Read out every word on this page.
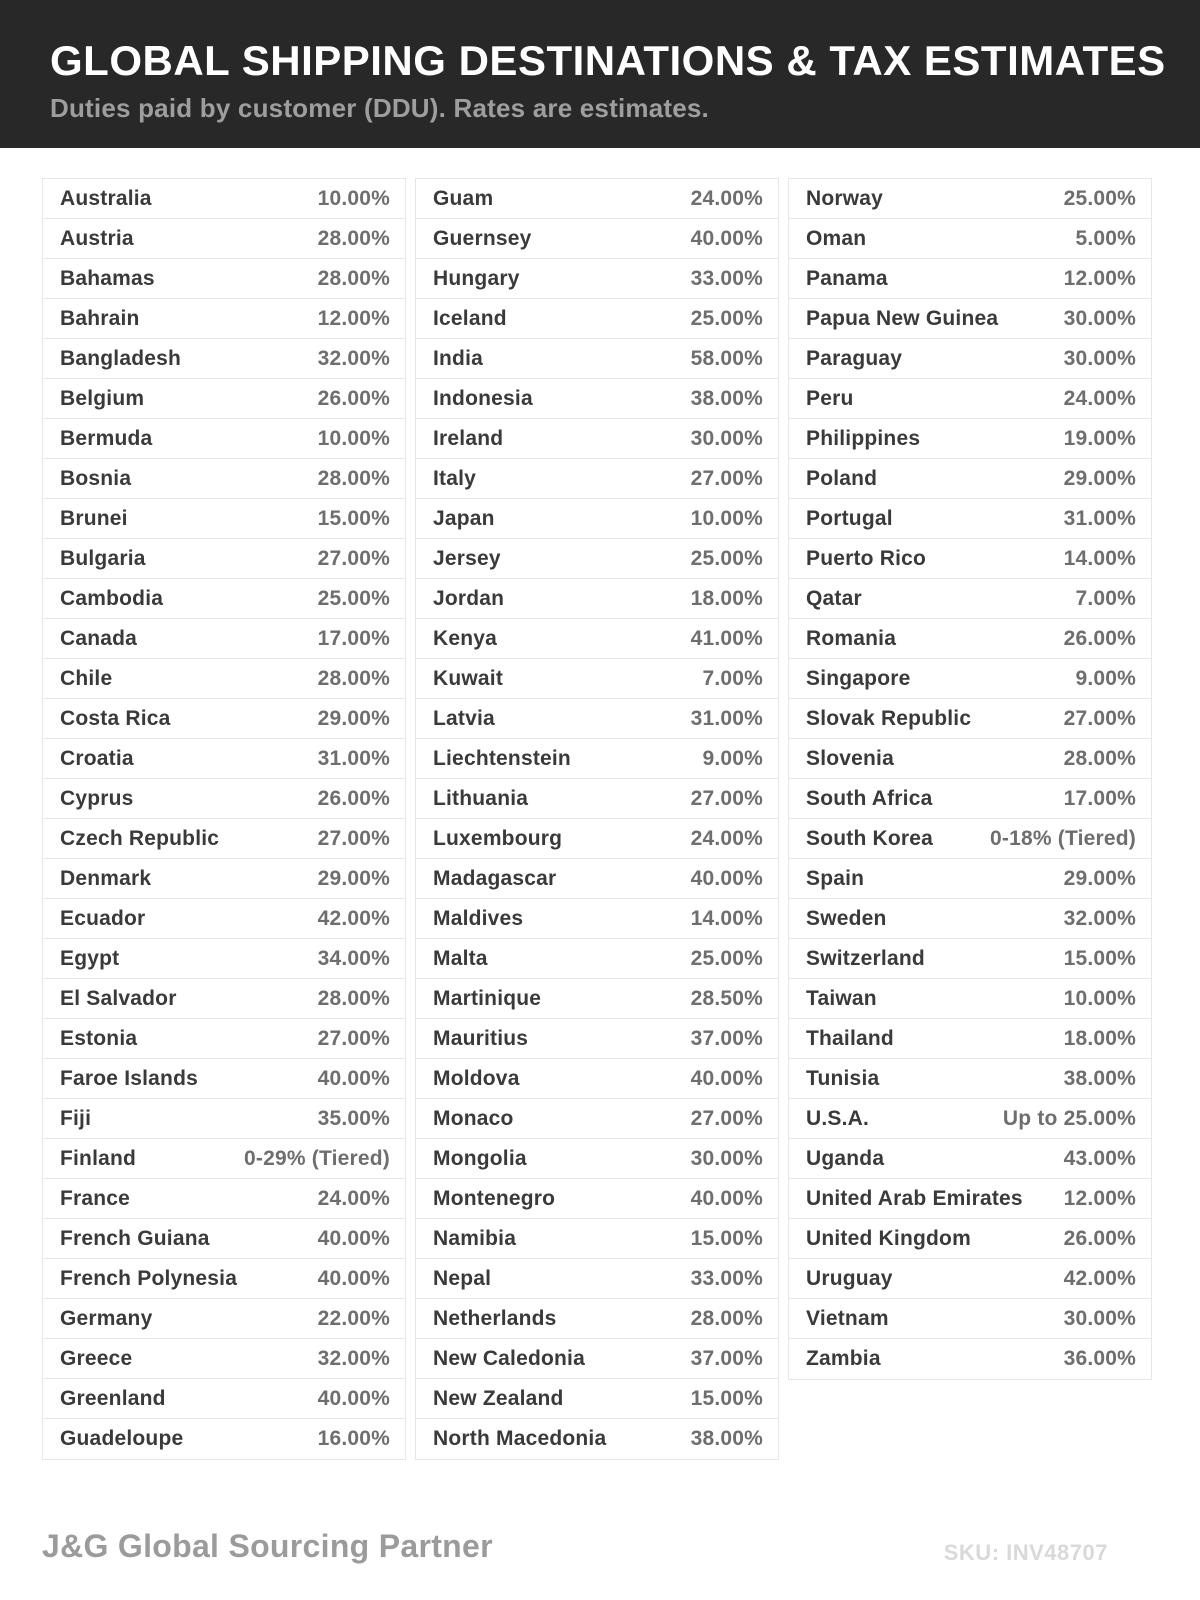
GLOBAL SHIPPING DESTINATIONS & TAX ESTIMATES
Duties paid by customer (DDU). Rates are estimates.
Australia	10.00%
Austria	28.00%
Bahamas	28.00%
Bahrain	12.00%
Bangladesh	32.00%
Belgium	26.00%
Bermuda	10.00%
Bosnia	28.00%
Brunei	15.00%
Bulgaria	27.00%
Cambodia	25.00%
Canada	17.00%
Chile	28.00%
Costa Rica	29.00%
Croatia	31.00%
Cyprus	26.00%
Czech Republic	27.00%
Denmark	29.00%
Ecuador	42.00%
Egypt	34.00%
El Salvador	28.00%
Estonia	27.00%
Faroe Islands	40.00%
Fiji	35.00%
Finland	0-29% (Tiered)
France	24.00%
French Guiana	40.00%
French Polynesia	40.00%
Germany	22.00%
Greece	32.00%
Greenland	40.00%
Guadeloupe	16.00%
Guam	24.00%
Guernsey	40.00%
Hungary	33.00%
Iceland	25.00%
India	58.00%
Indonesia	38.00%
Ireland	30.00%
Italy	27.00%
Japan	10.00%
Jersey	25.00%
Jordan	18.00%
Kenya	41.00%
Kuwait	7.00%
Latvia	31.00%
Liechtenstein	9.00%
Lithuania	27.00%
Luxembourg	24.00%
Madagascar	40.00%
Maldives	14.00%
Malta	25.00%
Martinique	28.50%
Mauritius	37.00%
Moldova	40.00%
Monaco	27.00%
Mongolia	30.00%
Montenegro	40.00%
Namibia	15.00%
Nepal	33.00%
Netherlands	28.00%
New Caledonia	37.00%
New Zealand	15.00%
North Macedonia	38.00%
Norway	25.00%
Oman	5.00%
Panama	12.00%
Papua New Guinea	30.00%
Paraguay	30.00%
Peru	24.00%
Philippines	19.00%
Poland	29.00%
Portugal	31.00%
Puerto Rico	14.00%
Qatar	7.00%
Romania	26.00%
Singapore	9.00%
Slovak Republic	27.00%
Slovenia	28.00%
South Africa	17.00%
South Korea	0-18% (Tiered)
Spain	29.00%
Sweden	32.00%
Switzerland	15.00%
Taiwan	10.00%
Thailand	18.00%
Tunisia	38.00%
U.S.A.	Up to 25.00%
Uganda	43.00%
United Arab Emirates 12.00%
United Kingdom	26.00%
Uruguay	42.00%
Vietnam	30.00%
Zambia	36.00%
J&G Global Sourcing Partner	SKU: INV48707
